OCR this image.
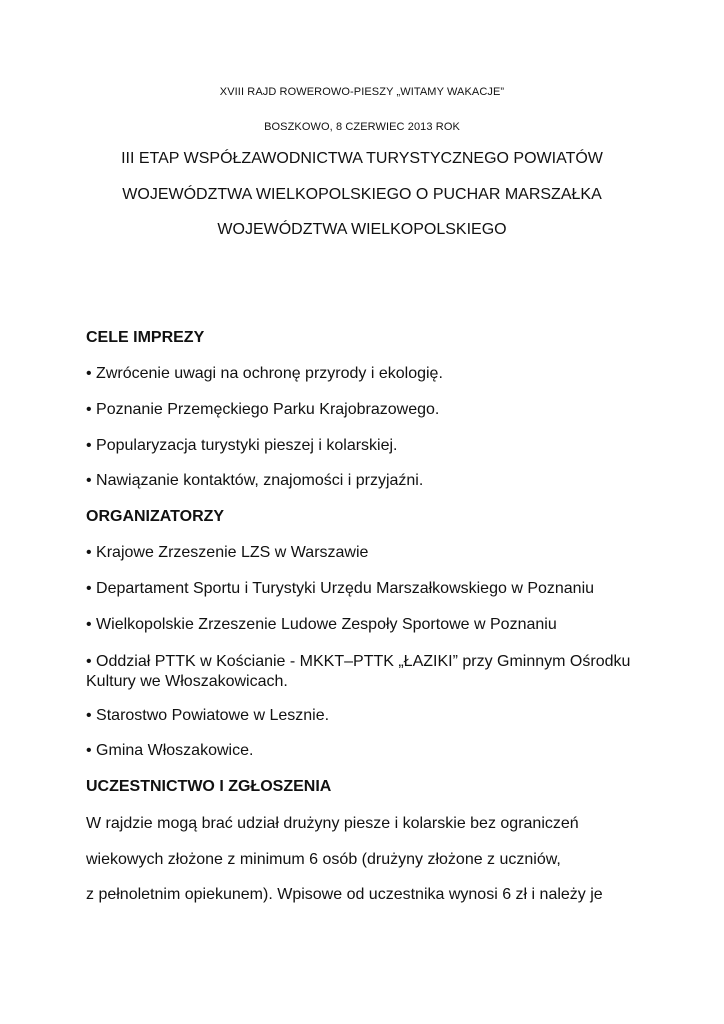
XVIII RAJD ROWEROWO-PIESZY „WITAMY WAKACJE”
BOSZKOWO, 8 CZERWIEC 2013 ROK
III ETAP WSPÓŁZAWODNICTWA TURYSTYCZNEGO POWIATÓW
WOJEWÓDZTWA WIELKOPOLSKIEGO O PUCHAR MARSZAŁKA
WOJEWÓDZTWA WIELKOPOLSKIEGO
CELE IMPREZY
• Zwrócenie uwagi na ochronę przyrody i ekologię.
• Poznanie Przemęckiego Parku Krajobrazowego.
• Popularyzacja turystyki pieszej i kolarskiej.
• Nawiązanie kontaktów, znajomości i przyjaźni.
ORGANIZATORZY
• Krajowe Zrzeszenie LZS w Warszawie
• Departament Sportu i Turystyki Urzędu Marszałkowskiego w Poznaniu
• Wielkopolskie Zrzeszenie Ludowe Zespoły Sportowe w Poznaniu
• Oddział PTTK w Kościanie - MKKT–PTTK „ŁAZIKI” przy Gminnym Ośrodku Kultury we Włoszakowicach.
• Starostwo Powiatowe w Lesznie.
• Gmina Włoszakowice.
UCZESTNICTWO I ZGŁOSZENIA
W rajdzie mogą brać udział drużyny piesze i kolarskie bez ograniczeń
wiekowych złożone z minimum 6 osób (drużyny złożone z uczniów,
z pełnoletnim opiekunem). Wpisowe od uczestnika wynosi 6 zł i należy je
